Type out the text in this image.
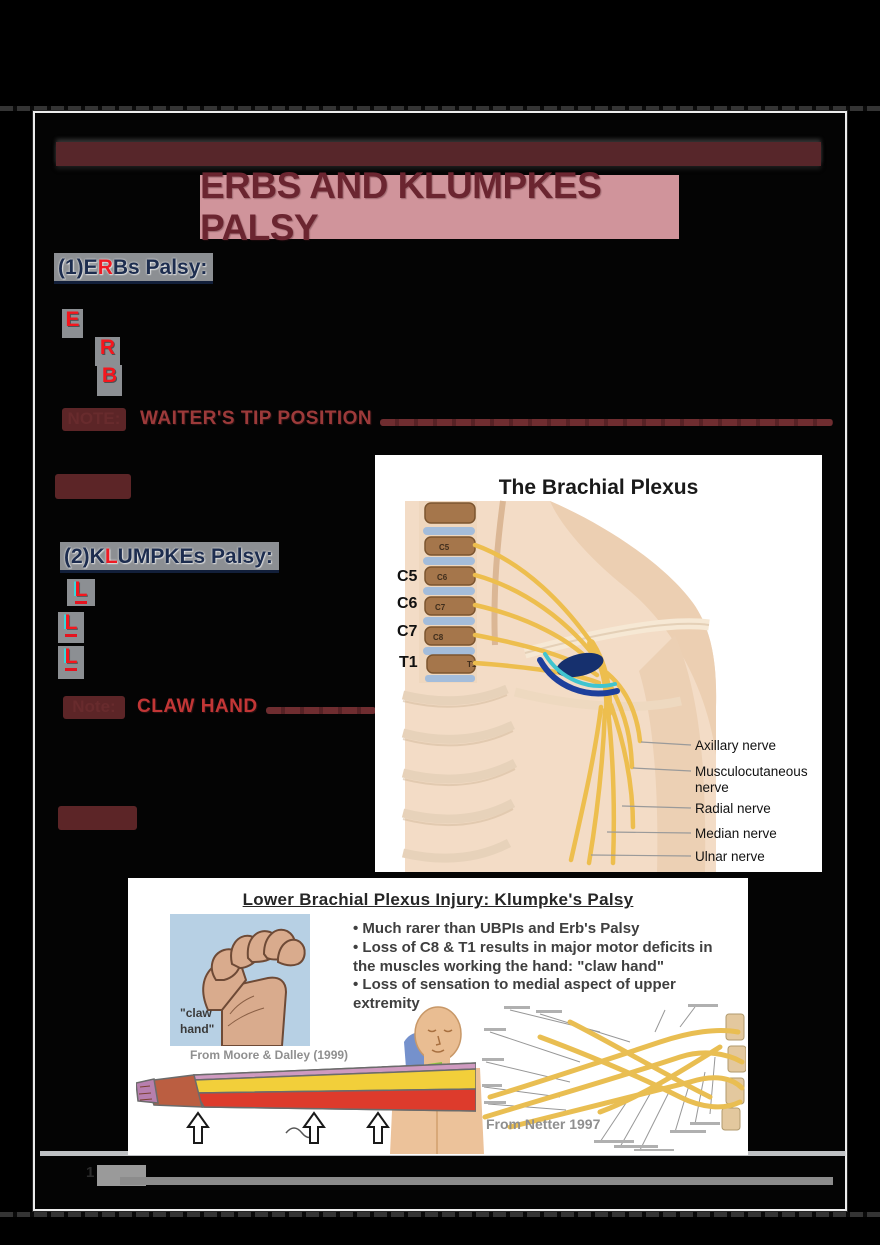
ERBS AND KLUMPKES PALSY
(1)ERBs Palsy:
E
R
B
NOTE: WAITER'S TIP POSITION
(2)KLUMPKEs Palsy:
L
L
L
Note: CLAW HAND
C5
C6
C7
C8
T1
C5
C6
C7
T1
The Brachial Plexus
Axillary nerve
Musculocutaneous nerve
Radial nerve
Median nerve
Ulnar nerve
Lower Brachial Plexus Injury: Klumpke's Palsy
"claw
hand"
From Moore & Dalley (1999)
• Much rarer than UBPIs and Erb's Palsy
• Loss of C8 & T1 results in major motor deficits in the muscles working the hand: "claw hand"
• Loss of sensation to medial aspect of upper extremity
From Netter 1997
1
